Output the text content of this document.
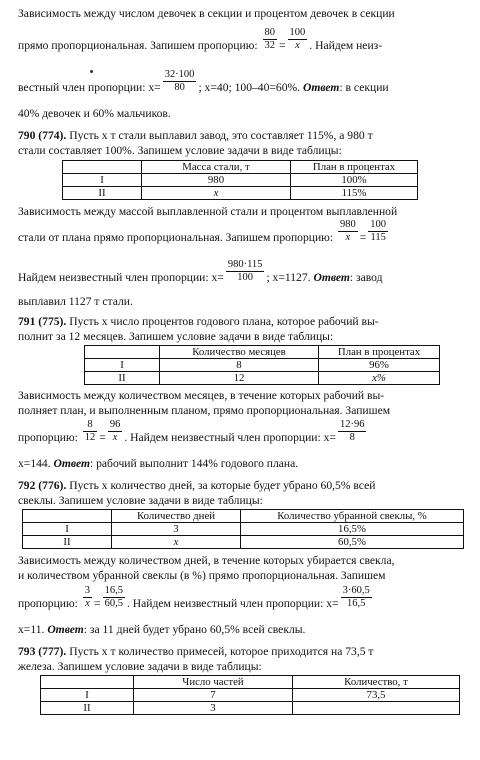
Зависимость между числом девочек в секции и процентом девочек в секции
прямо пропорциональная. Запишем пропорцию: $\frac{80}{32} = \frac{100}{x}$ . Найдем неиз-
вестный член пропорции: $x= \frac{32\cdot 100}{80}$ ; x=40; 100–40=60%. Ответ: в секции
40% девочек и 60% мальчиков.
790 (774). Пусть x т стали выплавил завод, это составляет 115%, а 980 т
стали составляет 100%. Запишем условие задачи в виде таблицы:
	Масса стали, т	План в процентах
I	980	100%
II	x	115%
Зависимость между массой выплавленной стали и процентом выплавленной
стали от плана прямо пропорциональная. Запишем пропорцию: $\frac{980}{x} = \frac{100}{115}$
Найдем неизвестный член пропорции: $x= \frac{980\cdot 115}{100}$ ; x=1127. Ответ: завод
выплавил 1127 т стали.
791 (775). Пусть x число процентов годового плана, которое рабочий вы-
полнит за 12 месяцев. Запишем условие задачи в виде таблицы:
	Количество месяцев	План в процентах
I	8	96%
II	12	x%
Зависимость между количеством месяцев, в течение которых рабочий вы-
полняет план, и выполненным планом, прямо пропорциональная. Запишем
пропорцию: $\frac{8}{12} = \frac{96}{x}$ . Найдем неизвестный член пропорции: $x= \frac{12\cdot 96}{8}$
x=144. Ответ: рабочий выполнит 144% годового плана.
792 (776). Пусть x количество дней, за которые будет убрано 60,5% всей
свеклы. Запишем условие задачи в виде таблицы:
	Количество дней	Количество убранной свеклы, %
I	3	16,5%
II	x	60,5%
Зависимость между количеством дней, в течение которых убирается свекла,
и количеством убранной свеклы (в %) прямо пропорциональная. Запишем
пропорцию: $\frac{3}{x} = \frac{16,5}{60,5}$ . Найдем неизвестный член пропорции: $x= \frac{3\cdot 60,5}{16,5}$
x=11. Ответ: за 11 дней будет убрано 60,5% всей свеклы.
793 (777). Пусть x т количество примесей, которое приходится на 73,5 т
железа. Запишем условие задачи в виде таблицы:
	Число частей	Количество, т
I	7	73,5
II	3	
